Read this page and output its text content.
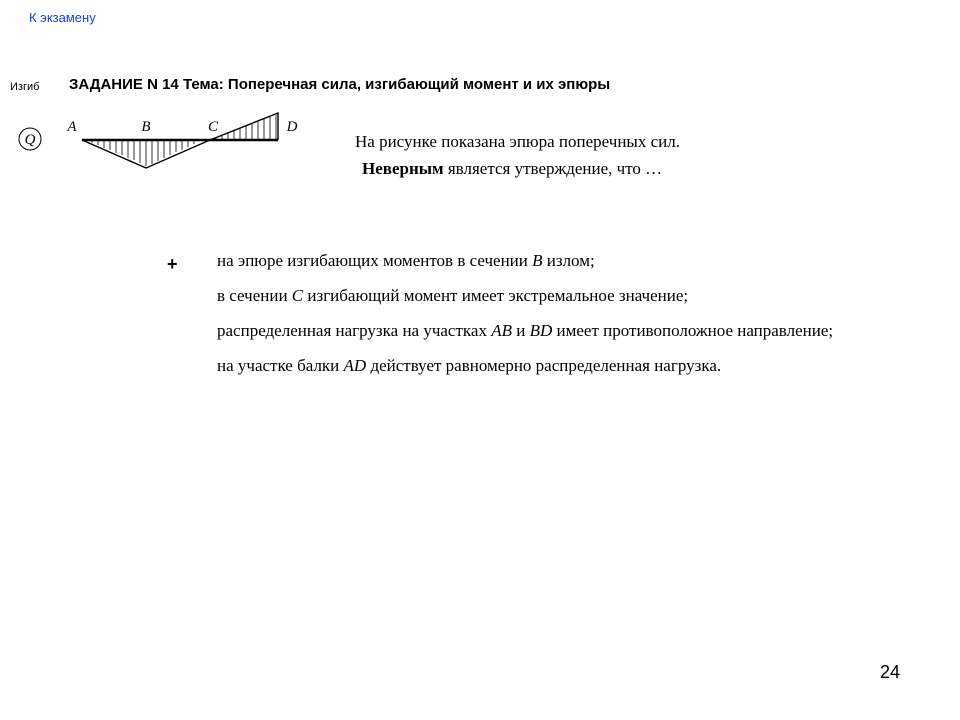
К экзамену
Изгиб ЗАДАНИЕ N 14 Тема: Поперечная сила, изгибающий момент и их эпюры
Q
A	B	C	D
На рисунке показана эпюра поперечных сил.
Неверным является утверждение, что …
+ на эпюре изгибающих моментов в сечении B излом;
в сечении C изгибающий момент имеет экстремальное значение;
распределенная нагрузка на участках AB и BD имеет противоположное направление;
на участке балки AD действует равномерно распределенная нагрузка.
24
